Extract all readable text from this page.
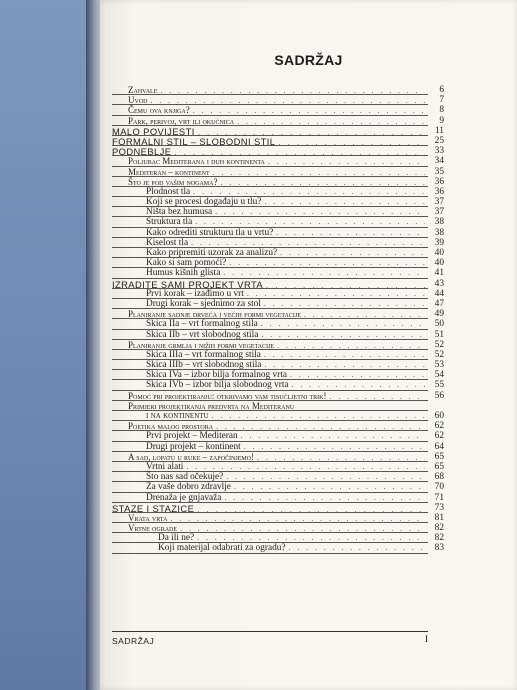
SADRŽAJ
Zahvale . . .	6
Uvod . . .	7
Čemu ova knjiga? . . .	8
Park, perivoj, vrt ili okućnica . . .	9
MALO POVIJESTI . . .	11
FORMALNI STIL – SLOBODNI STIL . . .	25
PODNEBLJE . . .	33
Poljubac Mediterana i duh kontinenta . . .	34
Mediteran – kontinent . . .	35
Što je pod vašim nogama? . . .	36
Plodnost tla . . .	36
Koji se procesi događaju u tlu? . . .	37
Ništa bez humusa . . .	37
Struktura tla . . .	38
Kako odrediti strukturu tla u vrtu? . . .	38
Kiselost tla . . .	39
Kako pripremiti uzorak za analizu? . . .	40
Kako si sam pomoći? . . .	40
Humus kišnih glista . . .	41
IZRADITE SAMI PROJEKT VRTA . . .	43
Prvi korak – izađimo u vrt . . .	44
Drugi korak – sjednimo za stol . . .	47
Planiranje sadnje drveća i većih formi vegetacije . . .	49
Skica IIa – vrt formalnog stila . . .	50
Skica IIb – vrt slobodnog stila . . .	51
Planiranje grmlja i nižih formi vegetacije . . .	52
Skica IIIa – vrt formalnog stila . . .	52
Skica IIIb – vrt slobodnog stila . . .	53
Skica IVa – izbor bilja formalnog vrta . . .	54
Skica IVb – izbor bilja slobodnog vrta . . .	55
Pomoć pri projektiranju: otkrivamo vam tisućljetni trik! . . .	56
Primjeri projektiranja predvrta na Mediteranu
i na kontinentu . . .	60
Poetika malog prostora . . .	62
Prvi projekt – Mediteran . . .	62
Drugi projekt – kontinent . . .	64
A sad, lopatu u ruke – započinjemo! . . .	65
Vrtni alati . . .	65
Što nas sad očekuje? . . .	68
Za vaše dobro zdravlje . . .	70
Drenaža je gnjavaža . . .	71
STAZE I STAZICE . . .	73
Vrata vrta . . .	81
Vrtne ograde . . .	82
Da ili ne? . . .	82
Koji materijal odabrati za ogradu? . . .	83
SADRŽAJ	I
